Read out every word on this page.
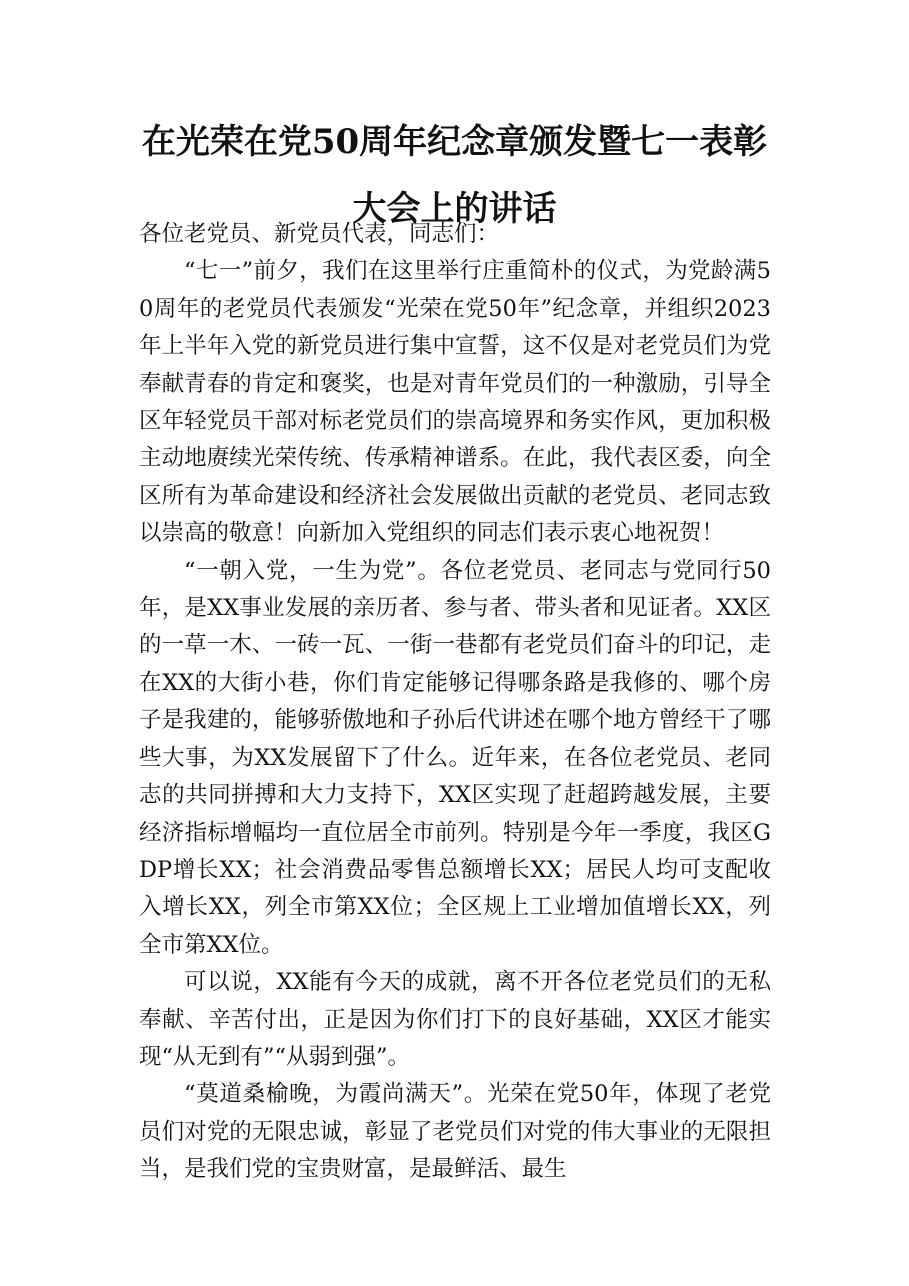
在光荣在党50周年纪念章颁发暨七一表彰
大会上的讲话

各位老党员、新党员代表，同志们：

“七一”前夕，我们在这里举行庄重简朴的仪式，为党龄满50周年的老党员代表颁发“光荣在党50年”纪念章，并组织2023年上半年入党的新党员进行集中宣誓，这不仅是对老党员们为党奉献青春的肯定和褒奖，也是对青年党员们的一种激励，引导全区年轻党员干部对标老党员们的崇高境界和务实作风，更加积极主动地赓续光荣传统、传承精神谱系。在此，我代表区委，向全区所有为革命建设和经济社会发展做出贡献的老党员、老同志致以崇高的敬意！向新加入党组织的同志们表示衷心地祝贺！

“一朝入党，一生为党”。各位老党员、老同志与党同行50年，是XX事业发展的亲历者、参与者、带头者和见证者。XX区的一草一木、一砖一瓦、一街一巷都有老党员们奋斗的印记，走在XX的大街小巷，你们肯定能够记得哪条路是我修的、哪个房子是我建的，能够骄傲地和子孙后代讲述在哪个地方曾经干了哪些大事，为XX发展留下了什么。近年来，在各位老党员、老同志的共同拼搏和大力支持下，XX区实现了赶超跨越发展，主要经济指标增幅均一直位居全市前列。特别是今年一季度，我区GDP增长XX；社会消费品零售总额增长XX；居民人均可支配收入增长XX，列全市第XX位；全区规上工业增加值增长XX，列全市第XX位。

可以说，XX能有今天的成就，离不开各位老党员们的无私奉献、辛苦付出，正是因为你们打下的良好基础，XX区才能实现“从无到有”“从弱到强”。

“莫道桑榆晚，为霞尚满天”。光荣在党50年，体现了老党员们对党的无限忠诚，彰显了老党员们对党的伟大事业的无限担当，是我们党的宝贵财富，是最鲜活、最生
